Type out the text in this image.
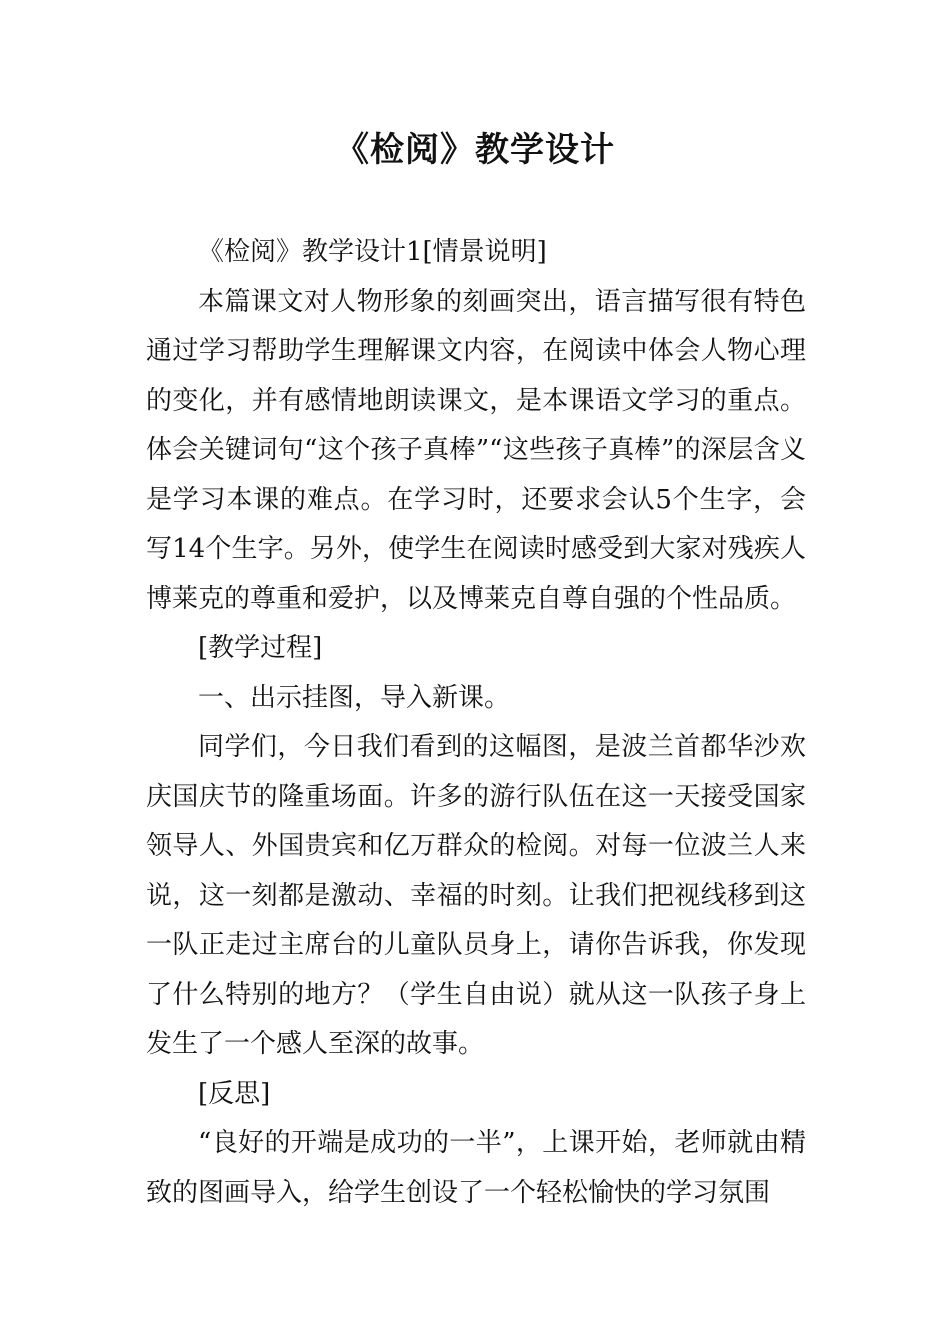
《检阅》教学设计

《检阅》教学设计1[情景说明]

本篇课文对人物形象的刻画突出，语言描写很有特色通过学习帮助学生理解课文内容，在阅读中体会人物心理的变化，并有感情地朗读课文，是本课语文学习的重点。体会关键词句“这个孩子真棒”“这些孩子真棒”的深层含义是学习本课的难点。在学习时，还要求会认5个生字，会写14个生字。另外，使学生在阅读时感受到大家对残疾人博莱克的尊重和爱护，以及博莱克自尊自强的个性品质。

[教学过程]

一、出示挂图，导入新课。

同学们，今日我们看到的这幅图，是波兰首都华沙欢庆国庆节的隆重场面。许多的游行队伍在这一天接受国家领导人、外国贵宾和亿万群众的检阅。对每一位波兰人来说，这一刻都是激动、幸福的时刻。让我们把视线移到这一队正走过主席台的儿童队员身上，请你告诉我，你发现了什么特别的地方？（学生自由说）就从这一队孩子身上发生了一个感人至深的故事。

[反思]

“良好的开端是成功的一半”，上课开始，老师就由精致的图画导入，给学生创设了一个轻松愉快的学习氛围
